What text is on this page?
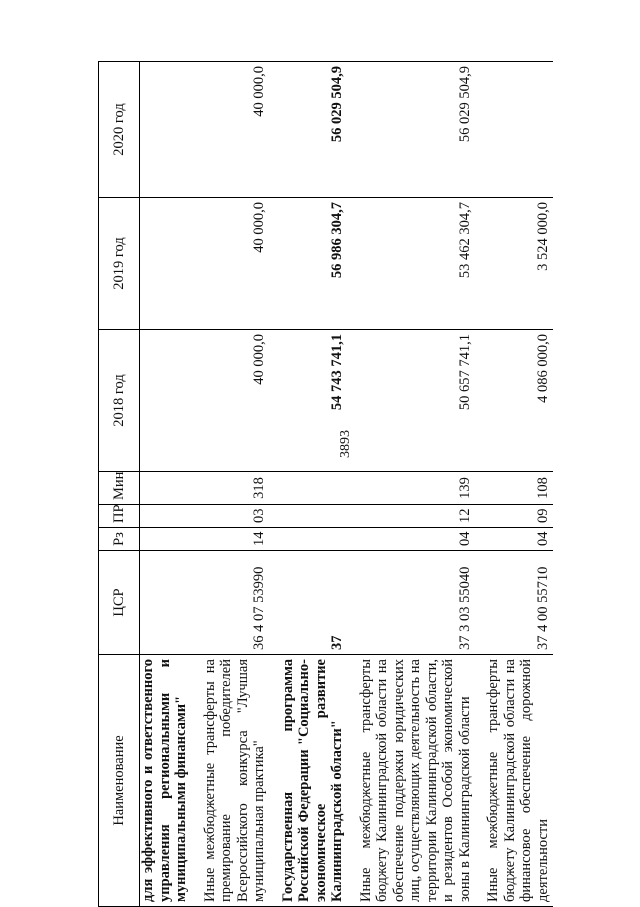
3893
Наименование	ЦСР	Рз	ПР	Мин	2018 год	2019 год	2020 год
для эффективного и ответственного управления региональными и муниципальными финансами"							
Иные межбюджетные трансферты на премирование победителей Всероссийского конкурса "Лучшая муниципальная практика"	36 4 07 53990	14	03	318	40 000,0	40 000,0	40 000,0
Государственная программа Российской Федерации "Социально-экономическое развитие Калининградской области"	37				54 743 741,1	56 986 304,7	56 029 504,9
Иные межбюджетные трансферты бюджету Калининградской области на обеспечение поддержки юридических лиц, осуществляющих деятельность на территории Калининградской области, и резидентов Особой экономической зоны в Калининградской области	37 3 03 55040	04	12	139	50 657 741,1	53 462 304,7	56 029 504,9
Иные межбюджетные трансферты бюджету Калининградской области на финансовое обеспечение дорожной деятельности	37 4 00 55710	04	09	108	4 086 000,0	3 524 000,0	
